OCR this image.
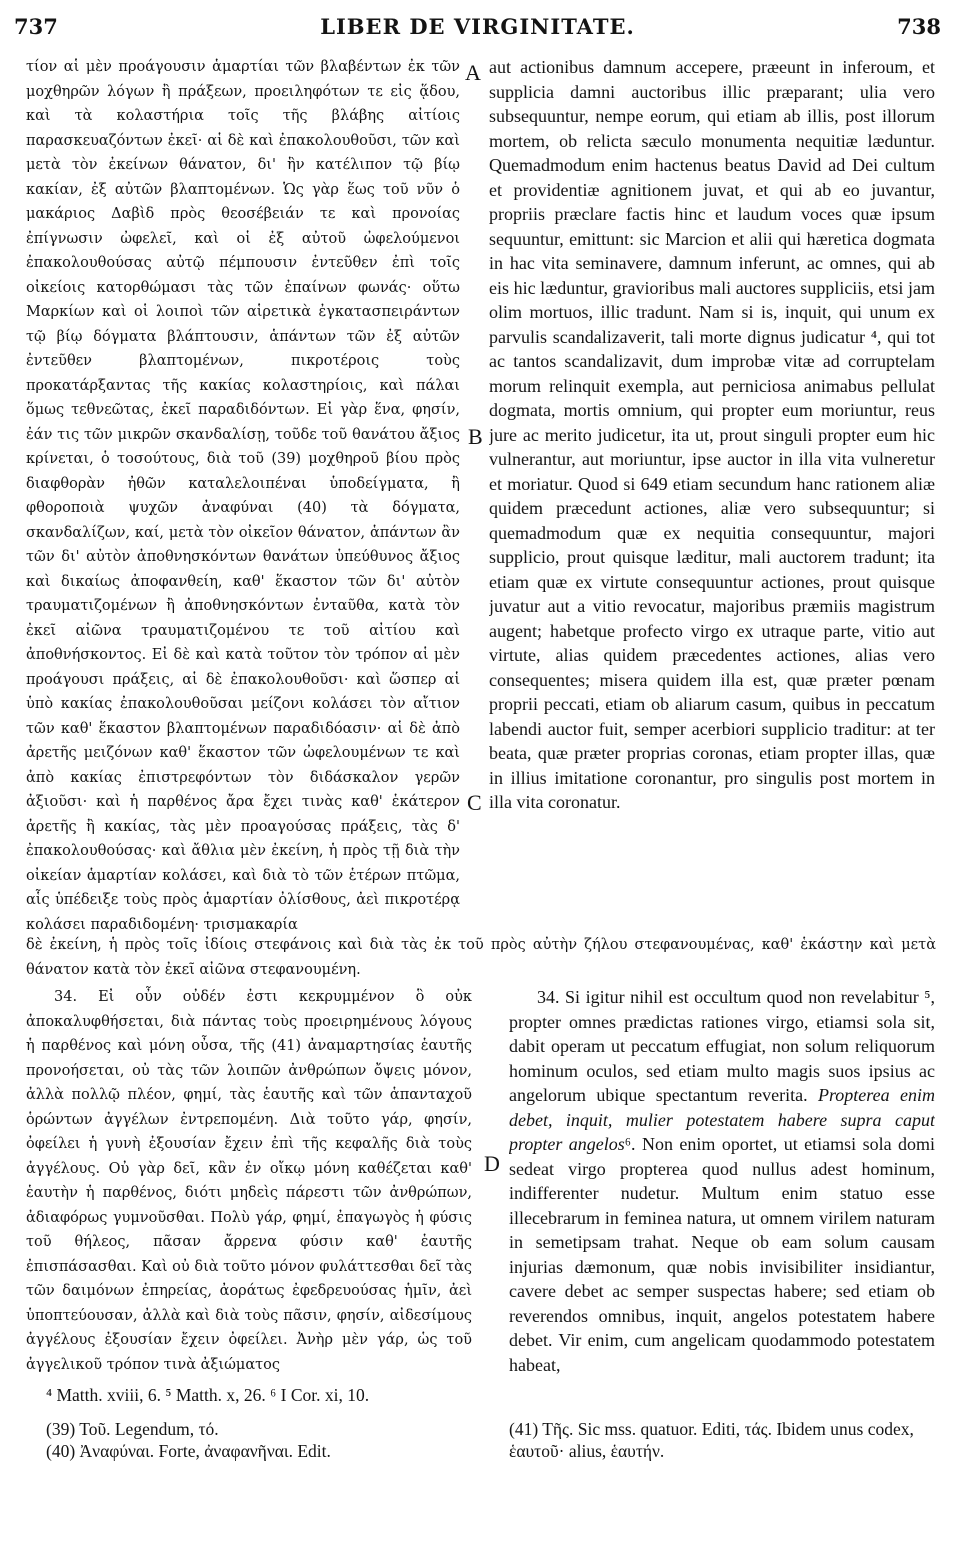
737	LIBER DE VIRGINITATE.	738

τίον αἱ μὲν προάγουσιν ἁμαρτίαι τῶν βλαβέντων ἐκ τῶν μοχθηρῶν λόγων ἢ πράξεων, προειληφότων τε εἰς ᾅδου, καὶ τὰ κολαστήρια τοῖς τῆς βλάβης αἰτίοις παρασκευαζόντων ἐκεῖ· αἱ δὲ καὶ ἐπακολουθοῦσι, τῶν καὶ μετὰ τὸν ἐκείνων θάνατον, δι' ἣν κατέλιπον τῷ βίῳ κακίαν, ἐξ αὐτῶν βλαπτομένων. Ὡς γὰρ ἕως τοῦ νῦν ὁ μακάριος Δαβὶδ πρὸς θεοσέβειάν τε καὶ προνοίας ἐπίγνωσιν ὠφελεῖ, καὶ οἱ ἐξ αὐτοῦ ὠφελούμενοι ἐπακολουθούσας αὐτῷ πέμπουσιν ἐντεῦθεν ἐπὶ τοῖς οἰκείοις κατορθώμασι τὰς τῶν ἐπαίνων φωνάς· οὕτω Μαρκίων καὶ οἱ λοιποὶ τῶν αἱρετικὰ ἐγκατασπειράντων τῷ βίῳ δόγματα βλάπτουσιν, ἁπάντων τῶν ἐξ αὐτῶν ἐντεῦθεν βλαπτομένων, πικροτέροις τοὺς προκατάρξαντας τῆς κακίας κολαστηρίοις, καὶ πάλαι ὅμως τεθνεῶτας, ἐκεῖ παραδιδόντων. Εἰ γὰρ ἕνα, φησίν, ἐάν τις τῶν μικρῶν σκανδαλίσῃ, τοῦδε τοῦ θανάτου ἄξιος κρίνεται, ὁ τοσούτους, διὰ τοῦ (39) μοχθηροῦ βίου πρὸς διαφθορὰν ἠθῶν καταλελοιπέναι ὑποδείγματα, ἢ φθοροποιὰ ψυχῶν ἀναφύναι (40) τὰ δόγματα, σκανδαλίζων, καί, μετὰ τὸν οἰκεῖον θάνατον, ἁπάντων ἂν τῶν δι' αὐτὸν ἀποθνησκόντων θανάτων ὑπεύθυνος ἄξιος καὶ δικαίως ἀποφανθείη, καθ' ἕκαστον τῶν δι' αὐτὸν τραυματιζομένων ἢ ἀποθνησκόντων ἐνταῦθα, κατὰ τὸν ἐκεῖ αἰῶνα τραυματιζομένου τε τοῦ αἰτίου καὶ ἀποθνήσκοντος. Εἰ δὲ καὶ κατὰ τοῦτον τὸν τρόπον αἱ μὲν προάγουσι πράξεις, αἱ δὲ ἐπακολουθοῦσι· καὶ ὥσπερ αἱ ὑπὸ κακίας ἐπακολουθοῦσαι μείζονι κολάσει τὸν αἴτιον τῶν καθ' ἕκαστον βλαπτομένων παραδιδόασιν· αἱ δὲ ἀπὸ ἀρετῆς μειζόνων καθ' ἕκαστον τῶν ὠφελουμένων τε καὶ ἀπὸ κακίας ἐπιστρεφόντων τὸν διδάσκαλον γερῶν ἀξιοῦσι· καὶ ἡ παρθένος ἄρα ἔχει τινὰς καθ' ἑκάτερον ἀρετῆς ἢ κακίας, τὰς μὲν προαγούσας πράξεις, τὰς δ' ἐπακολουθούσας· καὶ ἄθλια μὲν ἐκείνη, ἡ πρὸς τῇ διὰ τὴν οἰκείαν ἁμαρτίαν κολάσει, καὶ διὰ τὸ τῶν ἑτέρων πτῶμα, αἷς ὑπέδειξε τοὺς πρὸς ἁμαρτίαν ὀλίσθους, ἀεὶ πικροτέρᾳ κολάσει παραδιδομένη· τρισμακαρία

aut actionibus damnum accepere, præeunt in inferoum, et supplicia damni auctoribus illic præparant; ulia vero subsequuntur, nempe eorum, qui etiam ab illis, post illorum mortem, ob relicta sæculo monumenta nequitiæ læduntur. Quemadmodum enim hactenus beatus David ad Dei cultum et providentiæ agnitionem juvat, et qui ab eo juvantur, propriis præclare factis hinc et laudum voces quæ ipsum sequuntur, emittunt: sic Marcion et alii qui hæretica dogmata in hac vita seminavere, damnum inferunt, ac omnes, qui ab eis hic læduntur, gravioribus mali auctores suppliciis, etsi jam olim mortuos, illic tradunt. Nam si is, inquit, qui unum ex parvulis scandalizaverit, tali morte dignus judicatur ⁴, qui tot ac tantos scandalizavit, dum improbæ vitæ ad corruptelam morum relinquit exempla, aut perniciosa animabus pellulat dogmata, mortis omnium, qui propter eum moriuntur, reus jure ac merito judicetur, ita ut, prout singuli propter eum hic vulnerantur, aut moriuntur, ipse auctor in illa vita vulneretur et moriatur. Quod si 649 etiam secundum hanc rationem aliæ quidem præcedunt actiones, aliæ vero subsequuntur; si quemadmodum quæ ex nequitia consequuntur, majori supplicio, prout quisque læditur, mali auctorem tradunt; ita etiam quæ ex virtute consequuntur actiones, prout quisque juvatur aut a vitio revocatur, majoribus præmiis magistrum augent; habetque profecto virgo ex utraque parte, vitio aut virtute, alias quidem præcedentes actiones, alias vero consequentes; misera quidem illa est, quæ præter pœnam proprii peccati, etiam ob aliarum casum, quibus in peccatum labendi auctor fuit, semper acerbiori supplicio traditur: at ter beata, quæ præter proprias coronas, etiam propter illas, quæ in illius imitatione coronantur, pro singulis post mortem in illa vita coronatur.

A
B
C
D

δὲ ἐκείνη, ἡ πρὸς τοῖς ἰδίοις στεφάνοις καὶ διὰ τὰς ἐκ τοῦ πρὸς αὐτὴν ζήλου στεφανουμένας, καθ' ἑκάστην καὶ μετὰ θάνατον κατὰ τὸν ἐκεῖ αἰῶνα στεφανουμένη.

34. Εἰ οὖν οὐδέν ἐστι κεκρυμμένον ὃ οὐκ ἀποκαλυφθήσεται, διὰ πάντας τοὺς προειρημένους λόγους ἡ παρθένος καὶ μόνη οὖσα, τῆς (41) ἀναμαρτησίας ἑαυτῆς προνοήσεται, οὐ τὰς τῶν λοιπῶν ἀνθρώπων ὄψεις μόνον, ἀλλὰ πολλῷ πλέον, φημί, τὰς ἑαυτῆς καὶ τῶν ἁπανταχοῦ ὁρώντων ἀγγέλων ἐντρεπομένη. Διὰ τοῦτο γάρ, φησίν, ὀφείλει ἡ γυνὴ ἐξουσίαν ἔχειν ἐπὶ τῆς κεφαλῆς διὰ τοὺς ἀγγέλους. Οὐ γὰρ δεῖ, κἂν ἐν οἴκῳ μόνη καθέζεται καθ' ἑαυτὴν ἡ παρθένος, διότι μηδεὶς πάρεστι τῶν ἀνθρώπων, ἀδιαφόρως γυμνοῦσθαι. Πολὺ γάρ, φημί, ἐπαγωγὸς ἡ φύσις τοῦ θήλεος, πᾶσαν ἄρρενα φύσιν καθ' ἑαυτῆς ἐπισπάσασθαι. Καὶ οὐ διὰ τοῦτο μόνον φυλάττεσθαι δεῖ τὰς τῶν δαιμόνων ἐπηρείας, ἀοράτως ἐφεδρευούσας ἡμῖν, ἀεὶ ὑποπτεύουσαν, ἀλλὰ καὶ διὰ τοὺς πᾶσιν, φησίν, αἰδεσίμους ἀγγέλους ἐξουσίαν ἔχειν ὀφείλει. Ἀνὴρ μὲν γάρ, ὡς τοῦ ἀγγελικοῦ τρόπον τινὰ ἀξιώματος

34. Si igitur nihil est occultum quod non revelabitur ⁵, propter omnes prædictas rationes virgo, etiamsi sola sit, dabit operam ut peccatum effugiat, non solum reliquorum hominum oculos, sed etiam multo magis suos ipsius ac angelorum ubique spectantum reverita. Propterea enim debet, inquit, mulier potestatem habere supra caput propter angelos⁶. Non enim oportet, ut etiamsi sola domi sedeat virgo propterea quod nullus adest hominum, indifferenter nudetur. Multum enim statuo esse illecebrarum in feminea natura, ut omnem virilem naturam in semetipsam trahat. Neque ob eam solum causam injurias dæmonum, quæ nobis invisibiliter insidiantur, cavere debet ac semper suspectas habere; sed etiam ob reverendos omnibus, inquit, angelos potestatem habere debet. Vir enim, cum angelicam quodammodo potestatem habeat,

⁴ Matth. xviii, 6. ⁵ Matth. x, 26. ⁶ I Cor. xi, 10.
(39) Τοῦ. Legendum, τό.
(40) Ἀναφύναι. Forte, ἀναφανῆναι. Edit.
(41) Τῆς. Sic mss. quatuor. Editi, τάς. Ibidem unus codex, ἑαυτοῦ· alius, ἑαυτήν.
